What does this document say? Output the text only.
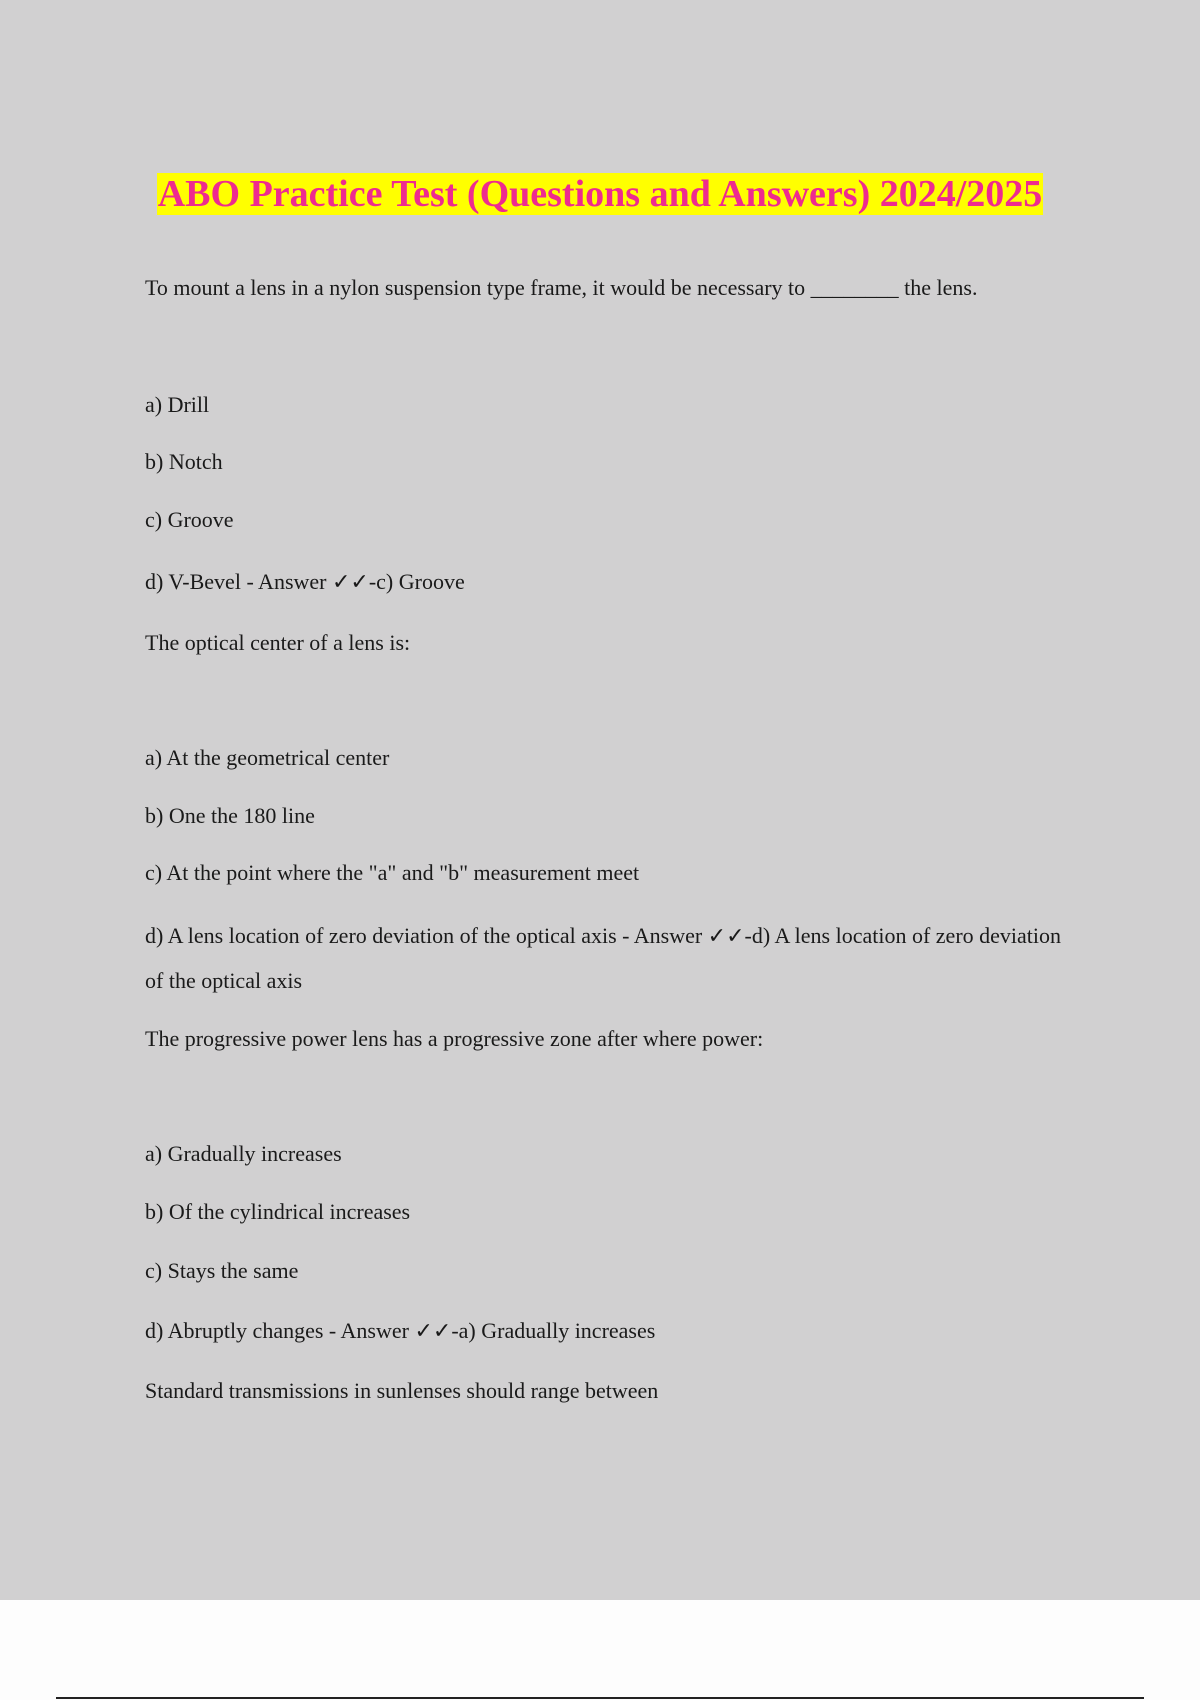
ABO Practice Test (Questions and Answers) 2024/2025
To mount a lens in a nylon suspension type frame, it would be necessary to ________ the lens.
a) Drill
b) Notch
c) Groove
d) V-Bevel - Answer ✓✓-c) Groove
The optical center of a lens is:
a) At the geometrical center
b) One the 180 line
c) At the point where the "a" and "b" measurement meet
d) A lens location of zero deviation of the optical axis - Answer ✓✓-d) A lens location of zero deviation of the optical axis
The progressive power lens has a progressive zone after where power:
a) Gradually increases
b) Of the cylindrical increases
c) Stays the same
d) Abruptly changes - Answer ✓✓-a) Gradually increases
Standard transmissions in sunlenses should range between
